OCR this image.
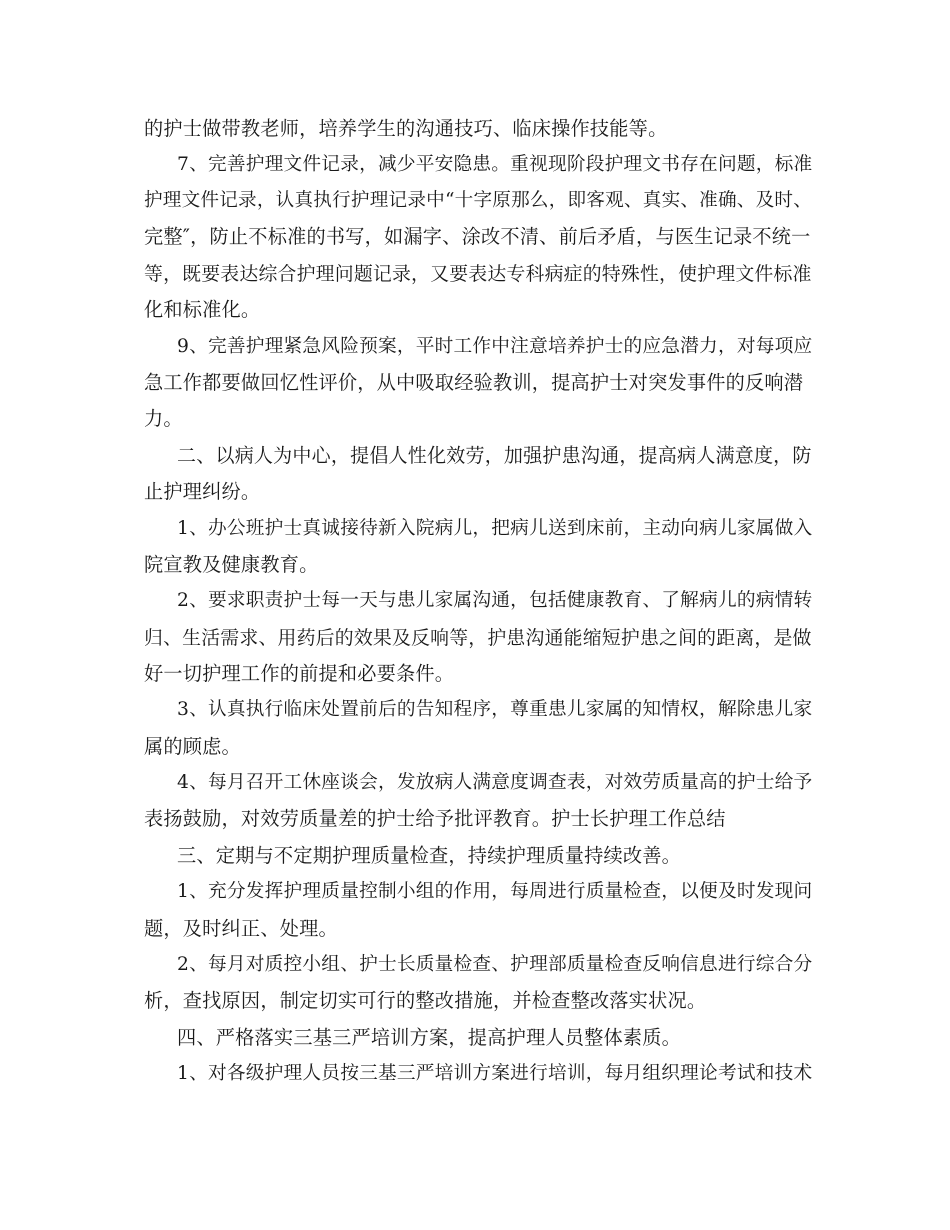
的护士做带教老师，培养学生的沟通技巧、临床操作技能等。
7、完善护理文件记录，减少平安隐患。重视现阶段护理文书存在问题，标准
护理文件记录，认真执行护理记录中“十字原那么，即客观、真实、准确、及时、
完整″，防止不标准的书写，如漏字、涂改不清、前后矛盾，与医生记录不统一
等，既要表达综合护理问题记录，又要表达专科病症的特殊性，使护理文件标准
化和标准化。
9、完善护理紧急风险预案，平时工作中注意培养护士的应急潜力，对每项应
急工作都要做回忆性评价，从中吸取经验教训，提高护士对突发事件的反响潜
力。
二、以病人为中心，提倡人性化效劳，加强护患沟通，提高病人满意度，防
止护理纠纷。
1、办公班护士真诚接待新入院病儿，把病儿送到床前，主动向病儿家属做入
院宣教及健康教育。
2、要求职责护士每一天与患儿家属沟通，包括健康教育、了解病儿的病情转
归、生活需求、用药后的效果及反响等，护患沟通能缩短护患之间的距离，是做
好一切护理工作的前提和必要条件。
3、认真执行临床处置前后的告知程序，尊重患儿家属的知情权，解除患儿家
属的顾虑。
4、每月召开工休座谈会，发放病人满意度调查表，对效劳质量高的护士给予
表扬鼓励，对效劳质量差的护士给予批评教育。护士长护理工作总结
三、定期与不定期护理质量检查，持续护理质量持续改善。
1、充分发挥护理质量控制小组的作用，每周进行质量检查，以便及时发现问
题，及时纠正、处理。
2、每月对质控小组、护士长质量检查、护理部质量检查反响信息进行综合分
析，查找原因，制定切实可行的整改措施，并检查整改落实状况。
四、严格落实三基三严培训方案，提高护理人员整体素质。
1、对各级护理人员按三基三严培训方案进行培训，每月组织理论考试和技术
